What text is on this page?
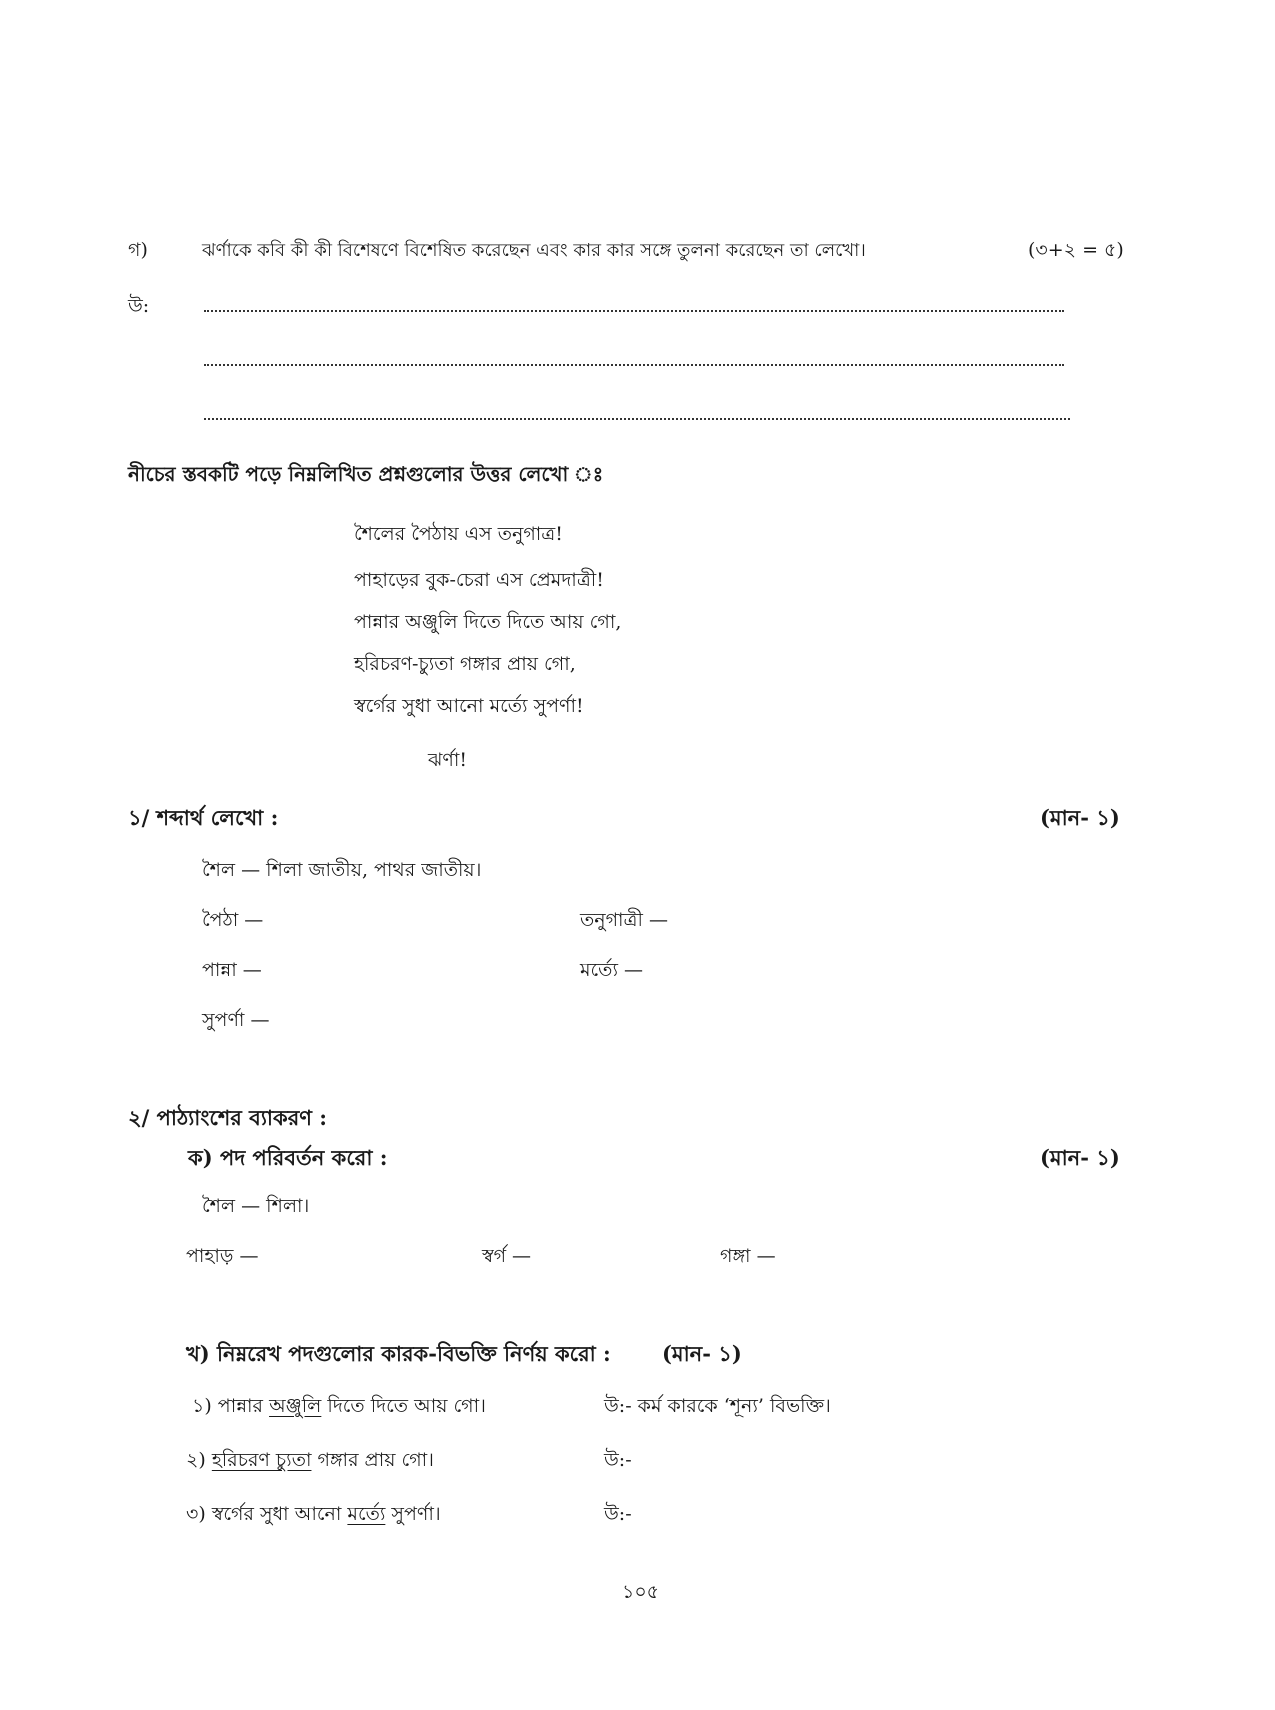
গ)	ঝর্ণাকে কবি কী কী বিশেষণে বিশেষিত করেছেন এবং কার কার সঙ্গে তুলনা করেছেন তা লেখো।	(৩+২ = ৫)
উ:
নীচের স্তবকটি পড়ে নিম্নলিখিত প্রশ্নগুলোর উত্তর লেখো ঃ
শৈলের পৈঠায় এস তনুগাত্র!
পাহাড়ের বুক-চেরা এস প্রেমদাত্রী!
পান্নার অঞ্জুলি দিতে দিতে আয় গো,
হরিচরণ-চ্যুতা গঙ্গার প্রায় গো,
স্বর্গের সুধা আনো মর্ত্যে সুপর্ণা!
ঝর্ণা!
১/ শব্দার্থ লেখো :	(মান- ১)
শৈল — শিলা জাতীয়, পাথর জাতীয়।
পৈঠা —	তনুগাত্রী —
পান্না —	মর্ত্যে —
সুপর্ণা —
২/ পাঠ্যাংশের ব্যাকরণ :
ক) পদ পরিবর্তন করো :	(মান- ১)
শৈল — শিলা।
পাহাড় —	স্বর্গ —	গঙ্গা —
খ) নিম্নরেখ পদগুলোর কারক-বিভক্তি নির্ণয় করো : (মান- ১)
১) পান্নার অঞ্জুলি দিতে দিতে আয় গো।	উ:- কর্ম কারকে ‘শূন্য’ বিভক্তি।
২) হরিচরণ চ্যুতা গঙ্গার প্রায় গো।	উ:-
৩) স্বর্গের সুধা আনো মর্ত্যে সুপর্ণা।	উ:-
১০৫
